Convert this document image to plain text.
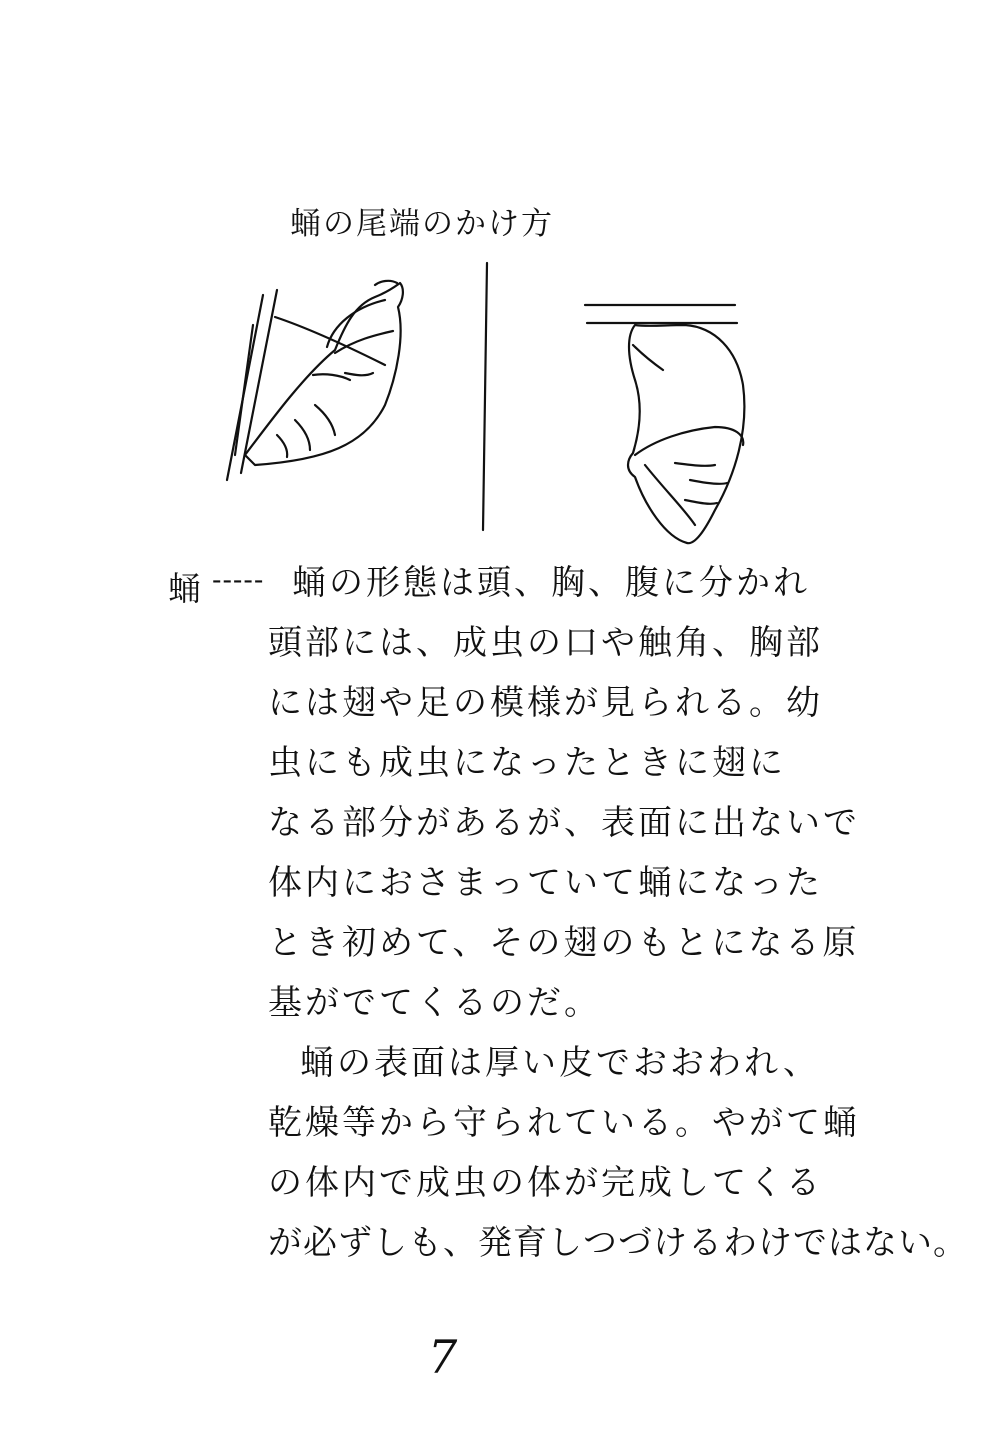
蛹の尾端のかけ方
蛹 ----- 蛹の形態は頭、胸、腹に分かれ
頭部には、成虫の口や触角、胸部
には翅や足の模様が見られる。幼
虫にも成虫になったときに翅に
なる部分があるが、表面に出ないで
体内におさまっていて蛹になった
とき初めて、その翅のもとになる原
基がでてくるのだ。
蛹の表面は厚い皮でおおわれ、
乾燥等から守られている。やがて蛹
の体内で成虫の体が完成してくる
が必ずしも、発育しつづけるわけではない。
7
